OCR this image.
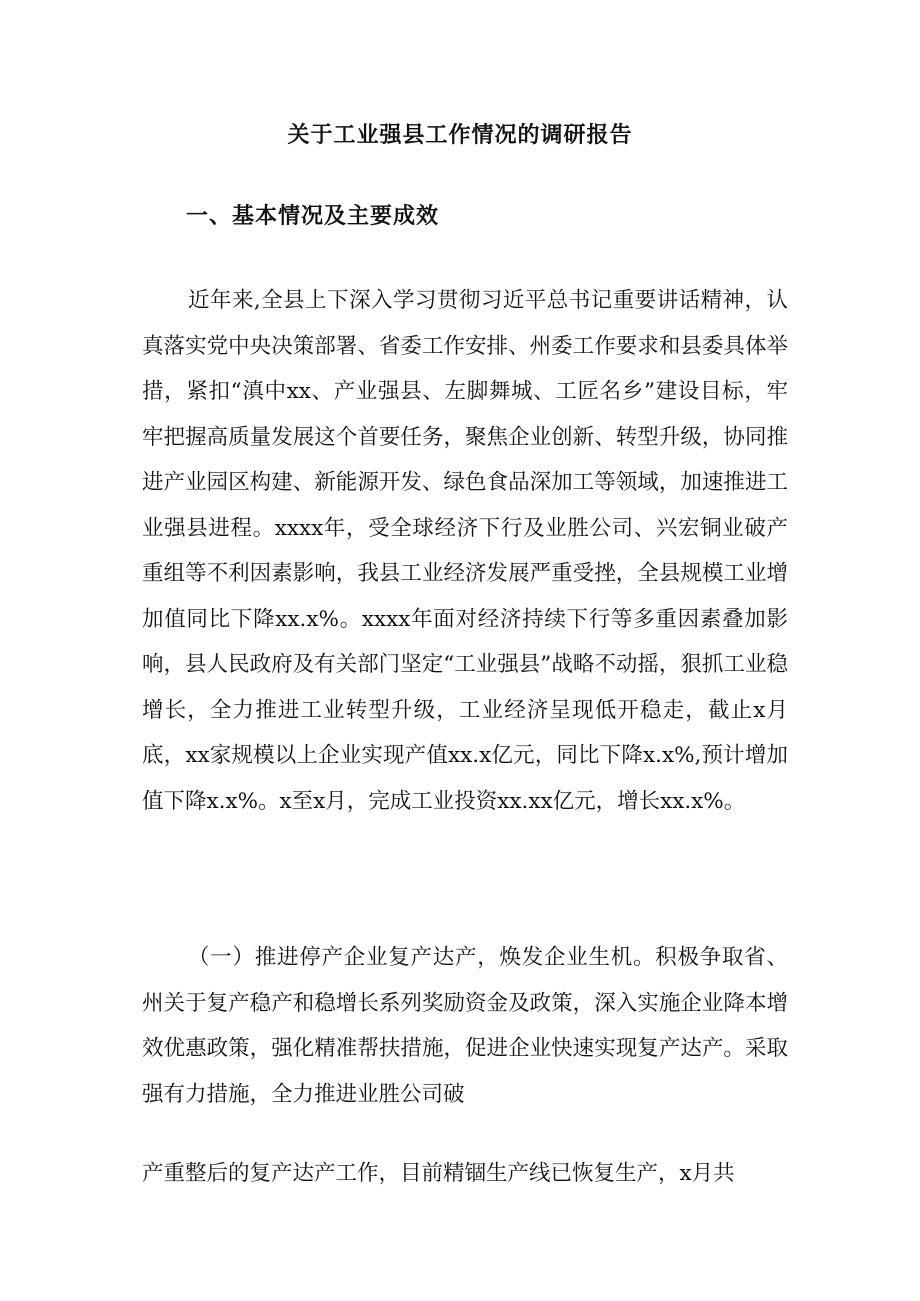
关于工业强县工作情况的调研报告
一、基本情况及主要成效

近年来,全县上下深入学习贯彻习近平总书记重要讲话精神，认真落实党中央决策部署、省委工作安排、州委工作要求和县委具体举措，紧扣“滇中xx、产业强县、左脚舞城、工匠名乡”建设目标，牢牢把握高质量发展这个首要任务，聚焦企业创新、转型升级，协同推进产业园区构建、新能源开发、绿色食品深加工等领域，加速推进工业强县进程。xxxx年，受全球经济下行及业胜公司、兴宏铜业破产重组等不利因素影响，我县工业经济发展严重受挫，全县规模工业增加值同比下降xx.x%。xxxx年面对经济持续下行等多重因素叠加影响，县人民政府及有关部门坚定“工业强县”战略不动摇，狠抓工业稳增长，全力推进工业转型升级，工业经济呈现低开稳走，截止x月底，xx家规模以上企业实现产值xx.x亿元，同比下降x.x%,预计增加值下降x.x%。x至x月，完成工业投资xx.xx亿元，增长xx.x%。

（一）推进停产企业复产达产，焕发企业生机。积极争取省、州关于复产稳产和稳增长系列奖励资金及政策，深入实施企业降本增效优惠政策，强化精准帮扶措施，促进企业快速实现复产达产。采取强有力措施，全力推进业胜公司破

产重整后的复产达产工作，目前精锢生产线已恢复生产，x月共
